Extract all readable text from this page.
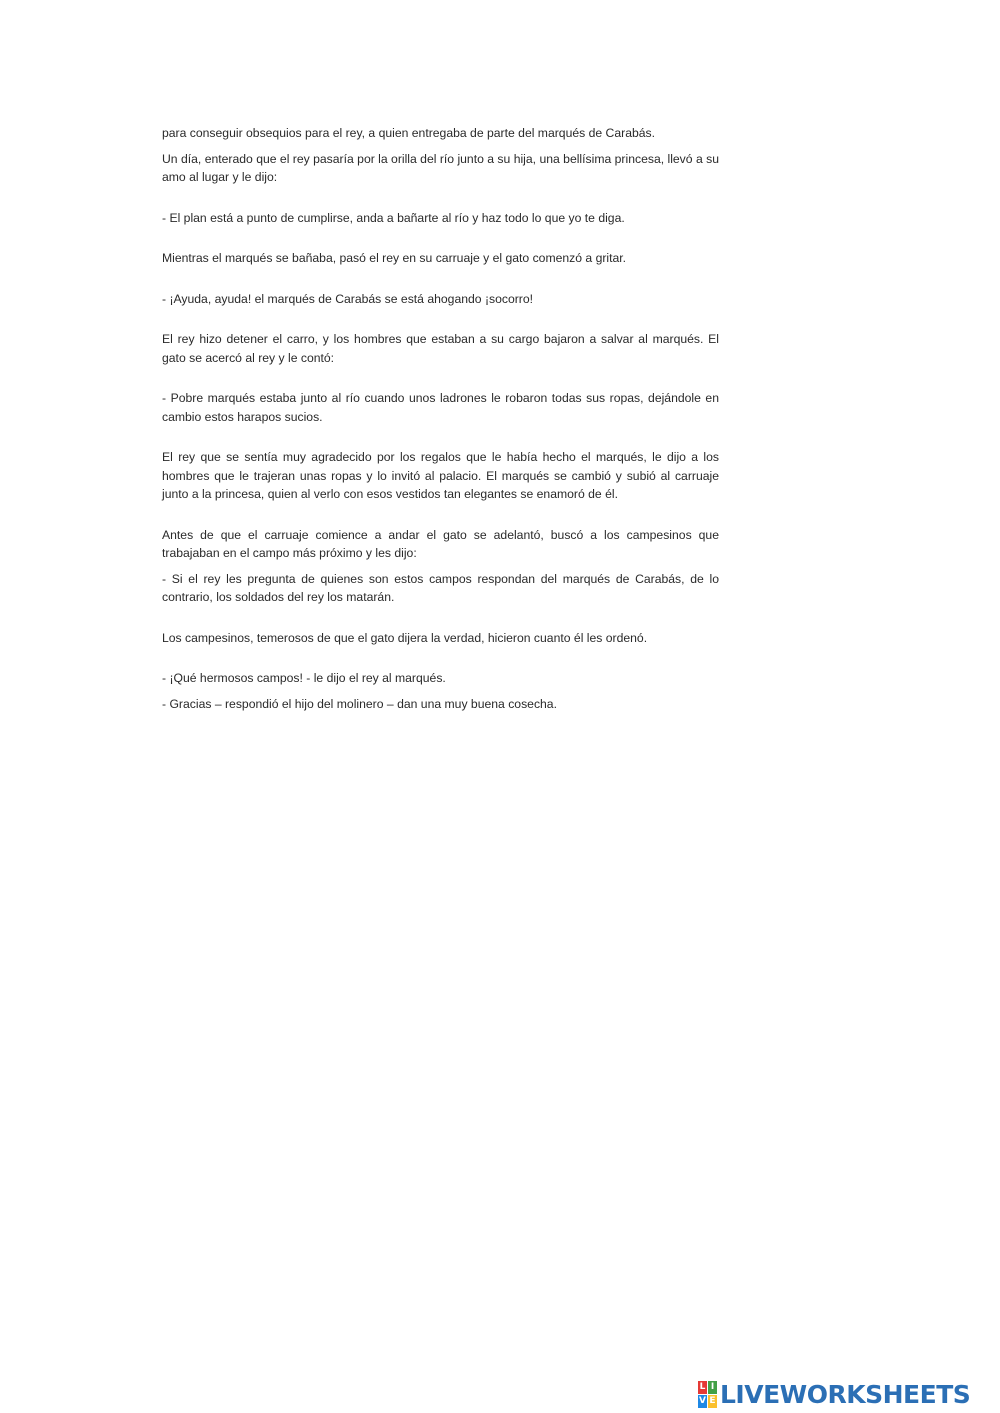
para conseguir obsequios para el rey, a quien entregaba de parte del marqués de Carabás.

Un día, enterado que el rey pasaría por la orilla del río junto a su hija, una bellísima princesa, llevó a su amo al lugar y le dijo:

- El plan está a punto de cumplirse, anda a bañarte al río y haz todo lo que yo te diga.

Mientras el marqués se bañaba, pasó el rey en su carruaje y el gato comenzó a gritar.

- ¡Ayuda, ayuda! el marqués de Carabás se está ahogando ¡socorro!

El rey hizo detener el carro, y los hombres que estaban a su cargo bajaron a salvar al marqués. El gato se acercó al rey y le contó:

- Pobre marqués estaba junto al río cuando unos ladrones le robaron todas sus ropas, dejándole en cambio estos harapos sucios.

El rey que se sentía muy agradecido por los regalos que le había hecho el marqués, le dijo a los hombres que le trajeran unas ropas y lo invitó al palacio. El marqués se cambió y subió al carruaje junto a la princesa, quien al verlo con esos vestidos tan elegantes se enamoró de él.

Antes de que el carruaje comience a andar el gato se adelantó, buscó a los campesinos que trabajaban en el campo más próximo y les dijo:

- Si el rey les pregunta de quienes son estos campos respondan del marqués de Carabás, de lo contrario, los soldados del rey los matarán.

Los campesinos, temerosos de que el gato dijera la verdad, hicieron cuanto él les ordenó.

- ¡Qué hermosos campos! - le dijo el rey al marqués.

- Gracias – respondió el hijo del molinero – dan una muy buena cosecha.

L I
V E LIVEWORKSHEETS
